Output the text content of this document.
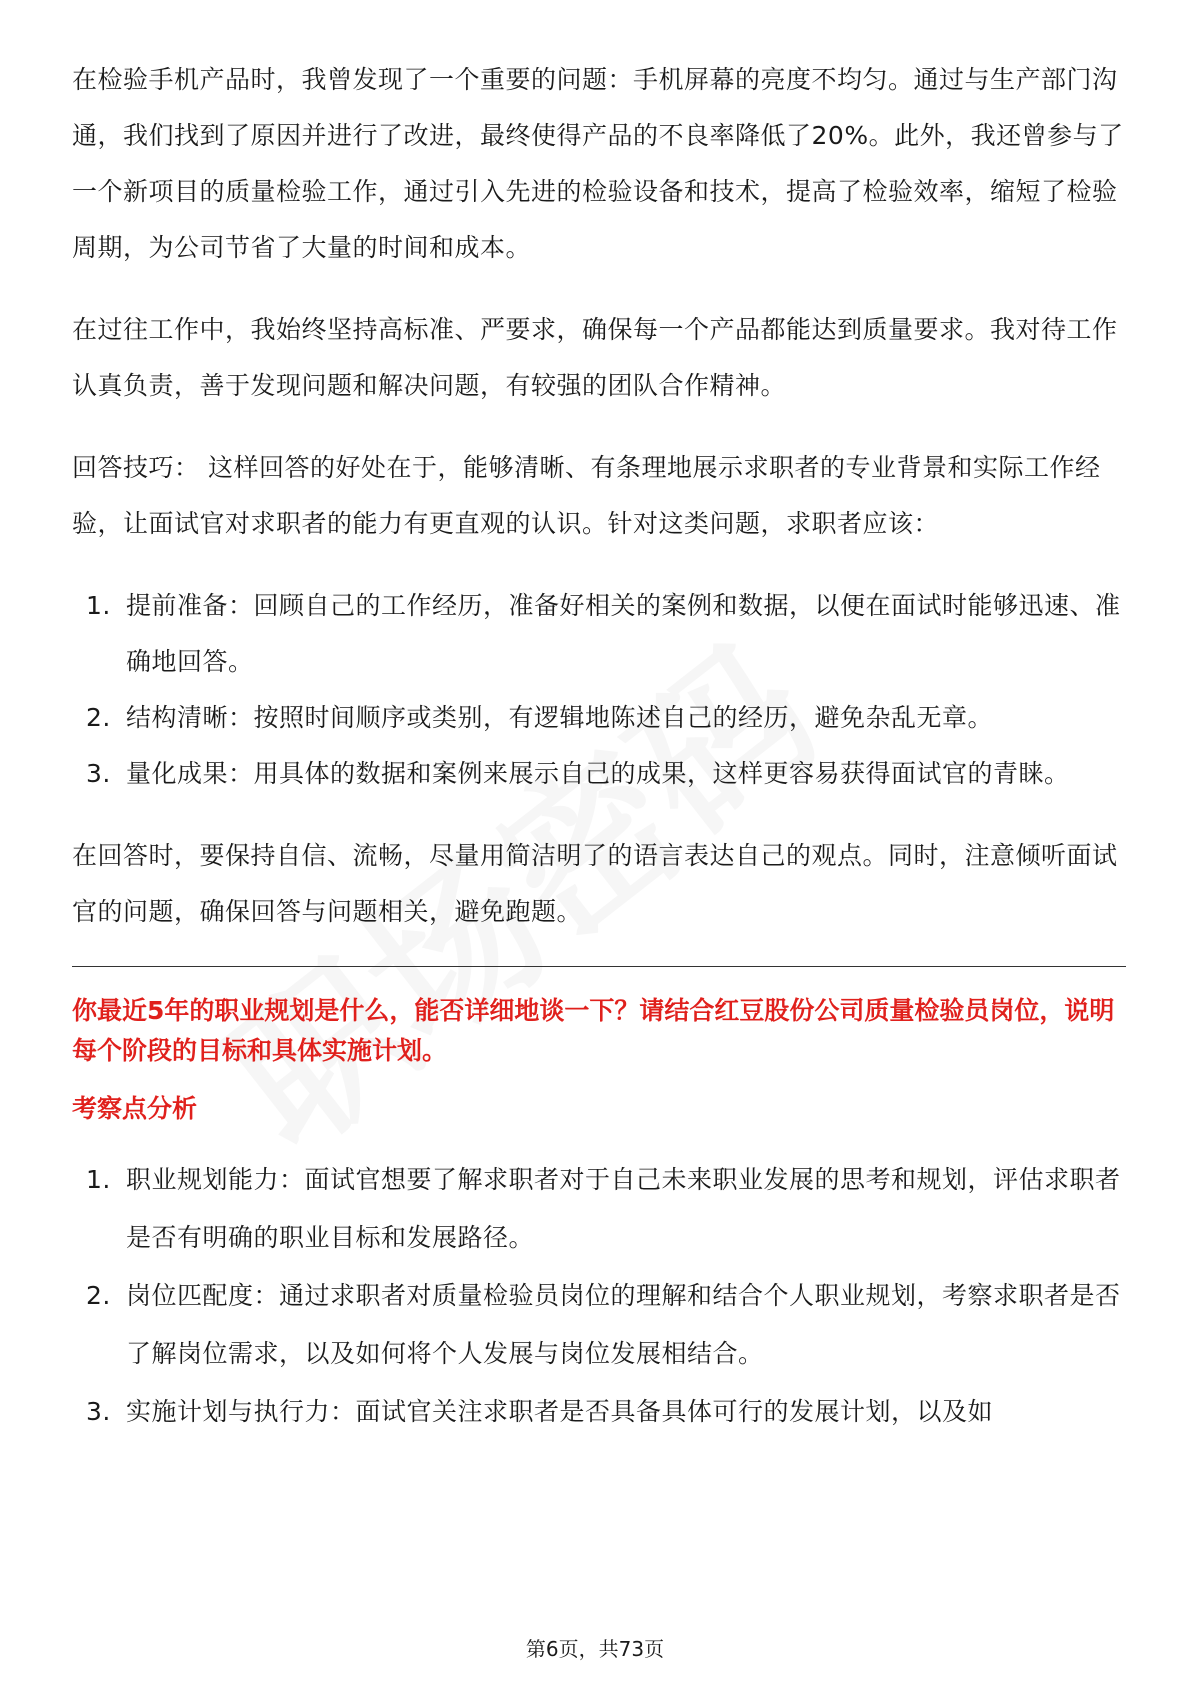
在检验手机产品时，我曾发现了一个重要的问题：手机屏幕的亮度不均匀。通过与生产部门沟通，我们找到了原因并进行了改进，最终使得产品的不良率降低了20%。此外，我还曾参与了一个新项目的质量检验工作，通过引入先进的检验设备和技术，提高了检验效率，缩短了检验周期，为公司节省了大量的时间和成本。

在过往工作中，我始终坚持高标准、严要求，确保每一个产品都能达到质量要求。我对待工作认真负责，善于发现问题和解决问题，有较强的团队合作精神。

回答技巧： 这样回答的好处在于，能够清晰、有条理地展示求职者的专业背景和实际工作经验，让面试官对求职者的能力有更直观的认识。针对这类问题，求职者应该：

1. 提前准备：回顾自己的工作经历，准备好相关的案例和数据，以便在面试时能够迅速、准确地回答。
2. 结构清晰：按照时间顺序或类别，有逻辑地陈述自己的经历，避免杂乱无章。
3. 量化成果：用具体的数据和案例来展示自己的成果，这样更容易获得面试官的青睐。

在回答时，要保持自信、流畅，尽量用简洁明了的语言表达自己的观点。同时，注意倾听面试官的问题，确保回答与问题相关，避免跑题。

你最近5年的职业规划是什么，能否详细地谈一下？请结合红豆股份公司质量检验员岗位，说明每个阶段的目标和具体实施计划。

考察点分析

1. 职业规划能力：面试官想要了解求职者对于自己未来职业发展的思考和规划，评估求职者是否有明确的职业目标和发展路径。
2. 岗位匹配度：通过求职者对质量检验员岗位的理解和结合个人职业规划，考察求职者是否了解岗位需求，以及如何将个人发展与岗位发展相结合。
3. 实施计划与执行力：面试官关注求职者是否具备具体可行的发展计划，以及如
第6页，共73页
